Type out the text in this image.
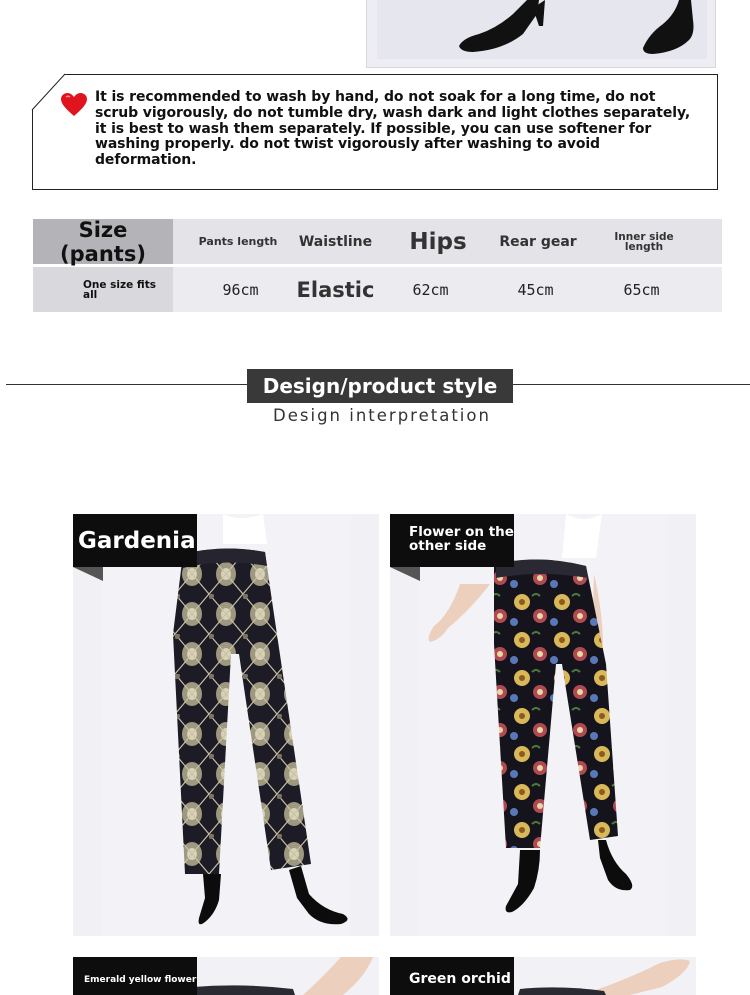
It is recommended to wash by hand, do not soak for a long time, do not scrub vigorously, do not tumble dry, wash dark and light clothes separately, it is best to wash them separately. If possible, you can use softener for washing properly. do not twist vigorously after washing to avoid deformation.
Size (pants)	Pants length	Waistline	Hips	Rear gear	Inner side length
One size fits all	96cm	Elastic	62cm	45cm	65cm
Design/product style
Design interpretation
Gardenia	Flower on the other side
Emerald yellow flower	Green orchid
